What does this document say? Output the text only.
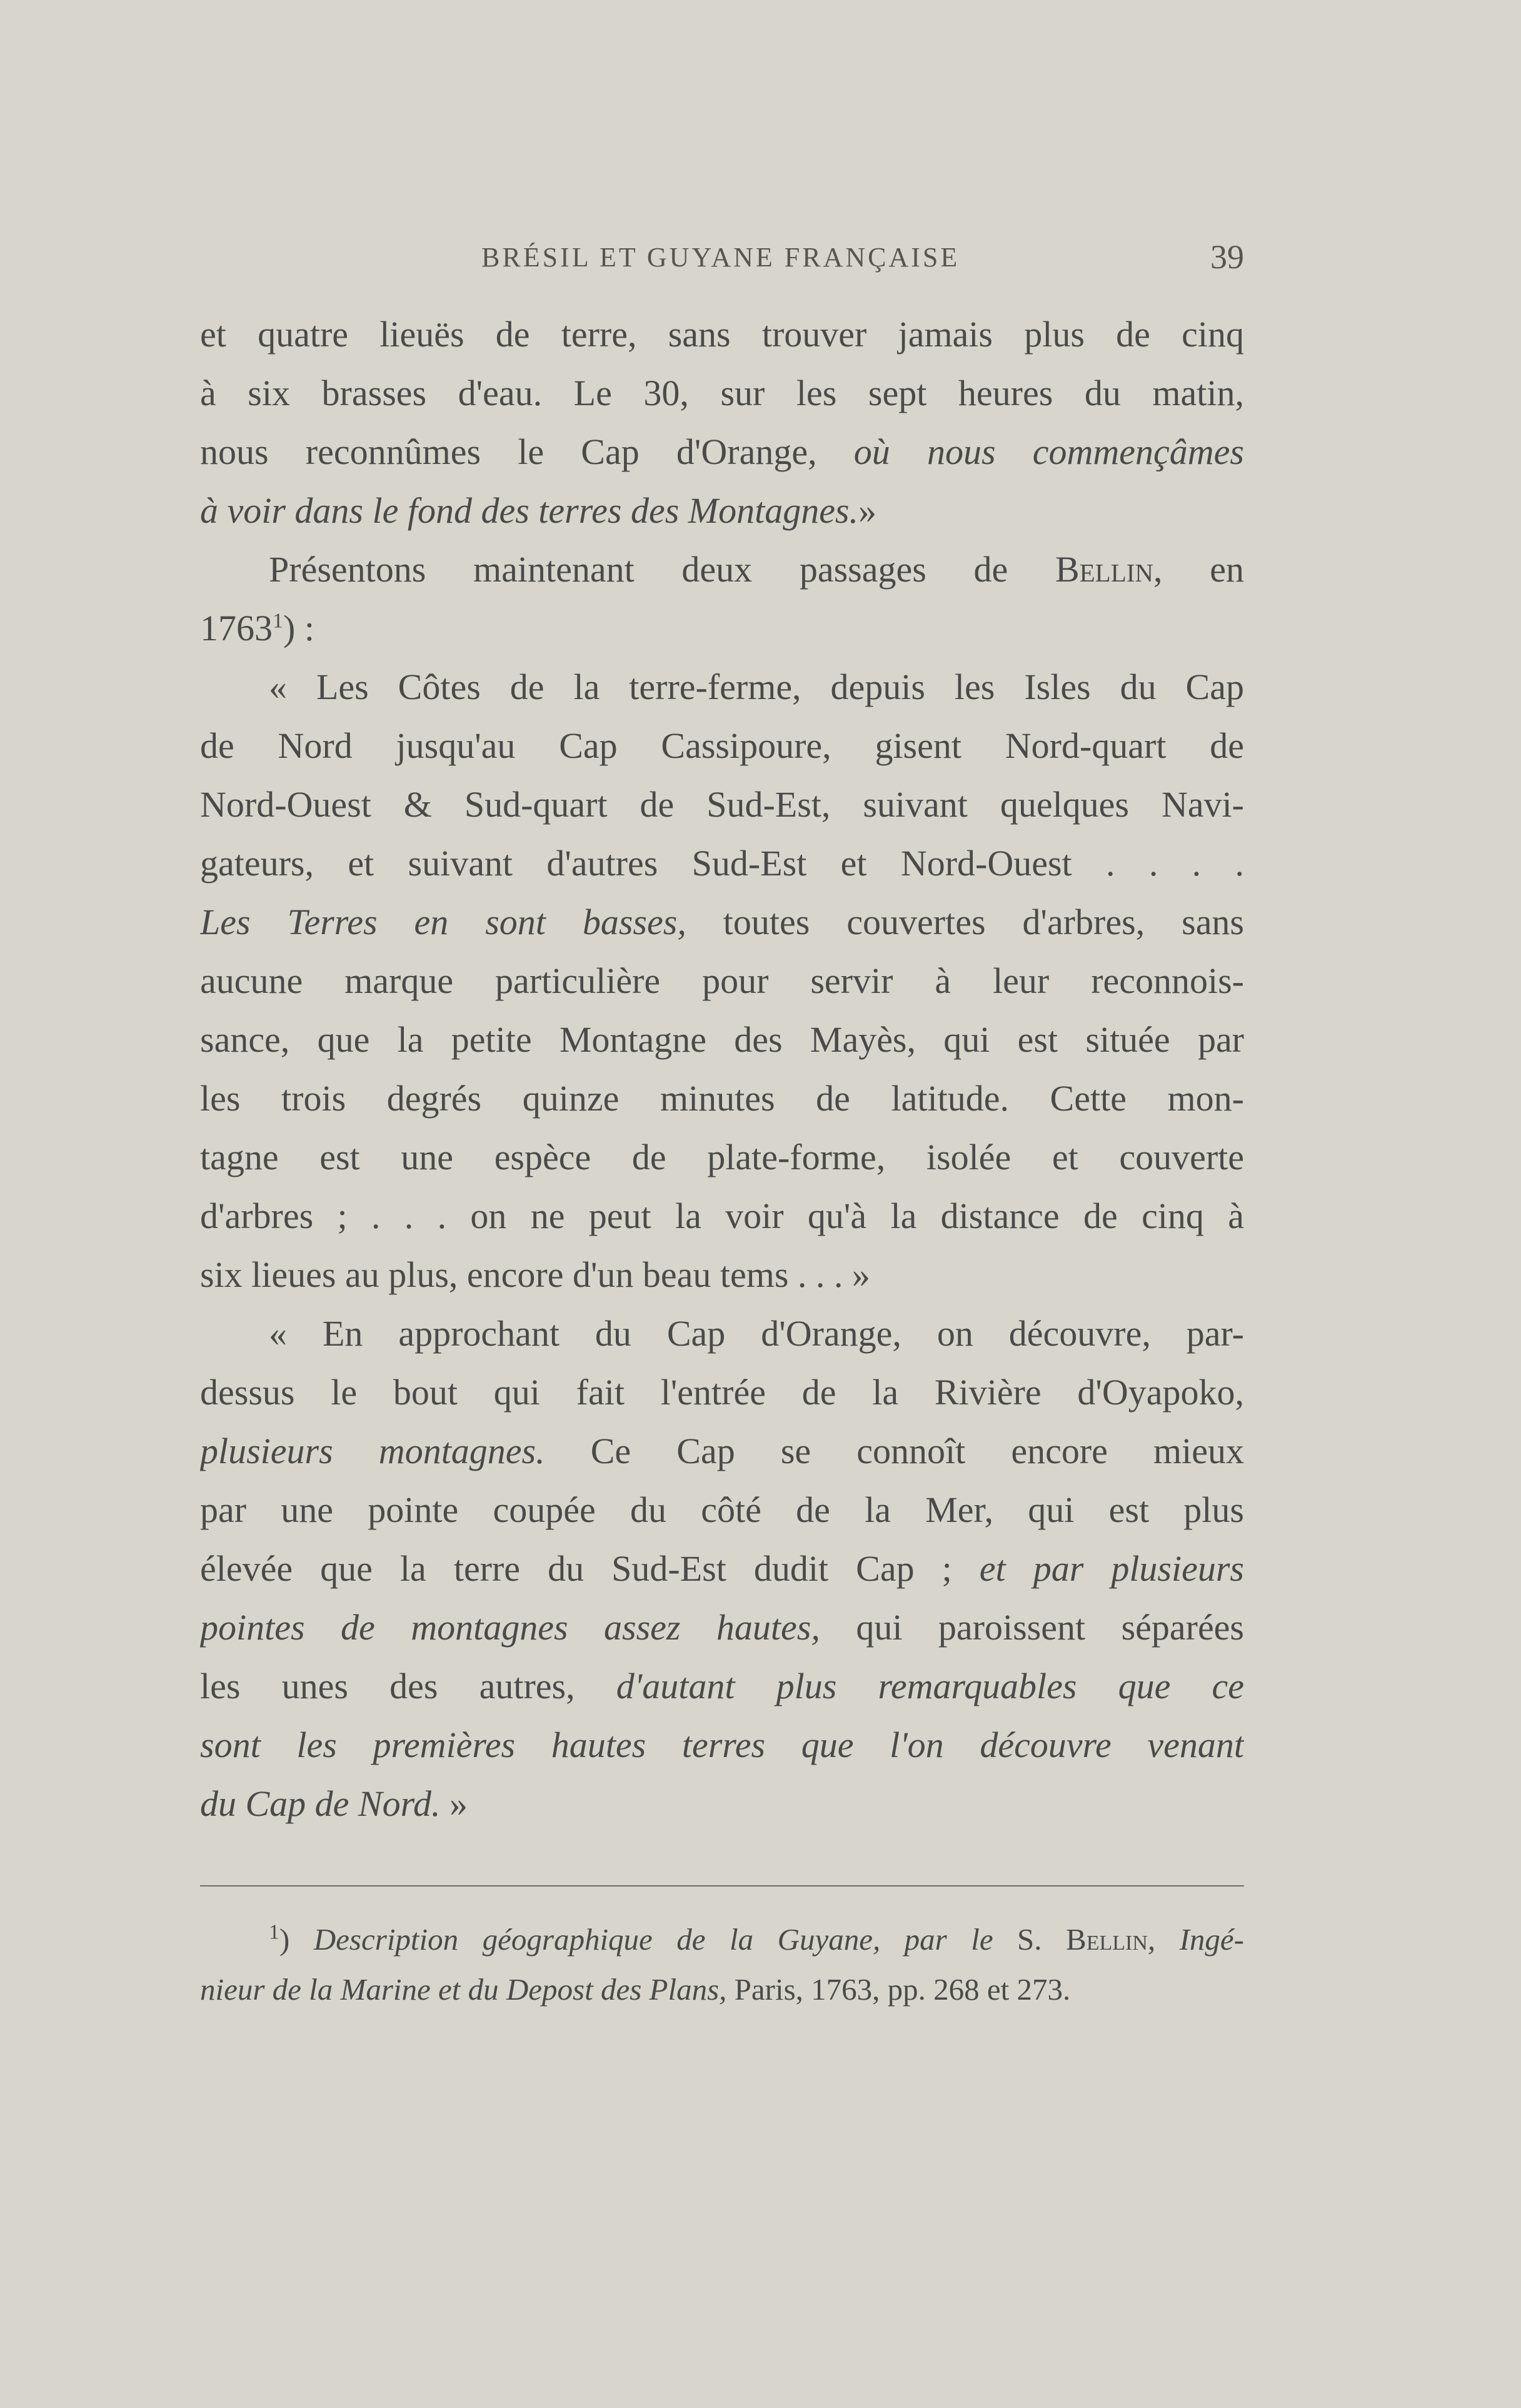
BRÉSIL ET GUYANE FRANÇAISE	39
et quatre lieuës de terre, sans trouver jamais plus de cinq
à six brasses d'eau. Le 30, sur les sept heures du matin,
nous reconnûmes le Cap d'Orange, où nous commençâmes
à voir dans le fond des terres des Montagnes.»
Présentons maintenant deux passages de Bellin, en
1763$^1$) :
« Les Côtes de la terre-ferme, depuis les Isles du Cap
de Nord jusqu'au Cap Cassipoure, gisent Nord-quart de
Nord-Ouest & Sud-quart de Sud-Est, suivant quelques Navi-
gateurs, et suivant d'autres Sud-Est et Nord-Ouest . . . .
Les Terres en sont basses, toutes couvertes d'arbres, sans
aucune marque particulière pour servir à leur reconnois-
sance, que la petite Montagne des Mayès, qui est située par
les trois degrés quinze minutes de latitude. Cette mon-
tagne est une espèce de plate-forme, isolée et couverte
d'arbres ; . . . on ne peut la voir qu'à la distance de cinq à
six lieues au plus, encore d'un beau tems . . . »
« En approchant du Cap d'Orange, on découvre, par-
dessus le bout qui fait l'entrée de la Rivière d'Oyapoko,
plusieurs montagnes. Ce Cap se connoît encore mieux
par une pointe coupée du côté de la Mer, qui est plus
élevée que la terre du Sud-Est dudit Cap ; et par plusieurs
pointes de montagnes assez hautes, qui paroissent séparées
les unes des autres, d'autant plus remarquables que ce
sont les premières hautes terres que l'on découvre venant
du Cap de Nord. »
$^1$) Description géographique de la Guyane, par le S. Bellin, Ingé-
nieur de la Marine et du Depost des Plans, Paris, 1763, pp. 268 et 273.
